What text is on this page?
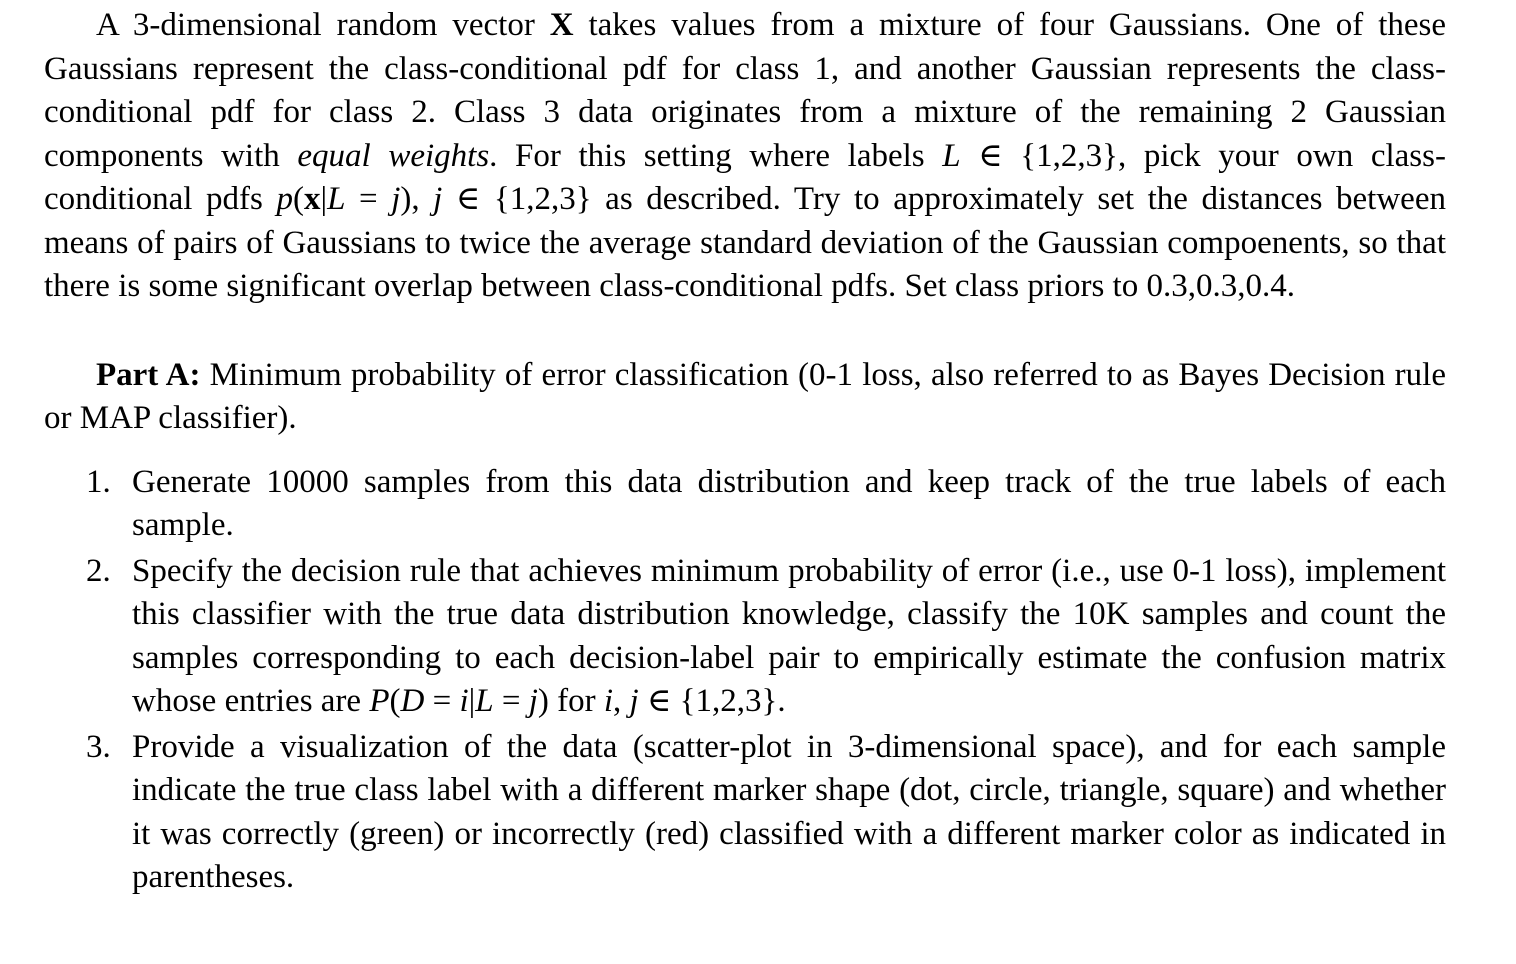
A 3-dimensional random vector X takes values from a mixture of four Gaussians. One of these Gaussians represent the class-conditional pdf for class 1, and another Gaussian represents the class-conditional pdf for class 2. Class 3 data originates from a mixture of the remaining 2 Gaussian components with equal weights. For this setting where labels L ∈ {1,2,3}, pick your own class-conditional pdfs p(x|L = j), j ∈ {1,2,3} as described. Try to approximately set the distances between means of pairs of Gaussians to twice the average standard deviation of the Gaussian compoenents, so that there is some significant overlap between class-conditional pdfs. Set class priors to 0.3,0.3,0.4.

Part A: Minimum probability of error classification (0-1 loss, also referred to as Bayes Decision rule or MAP classifier).

1. Generate 10000 samples from this data distribution and keep track of the true labels of each sample.
2. Specify the decision rule that achieves minimum probability of error (i.e., use 0-1 loss), implement this classifier with the true data distribution knowledge, classify the 10K samples and count the samples corresponding to each decision-label pair to empirically estimate the confusion matrix whose entries are P(D = i|L = j) for i, j ∈ {1,2,3}.
3. Provide a visualization of the data (scatter-plot in 3-dimensional space), and for each sample indicate the true class label with a different marker shape (dot, circle, triangle, square) and whether it was correctly (green) or incorrectly (red) classified with a different marker color as indicated in parentheses.
